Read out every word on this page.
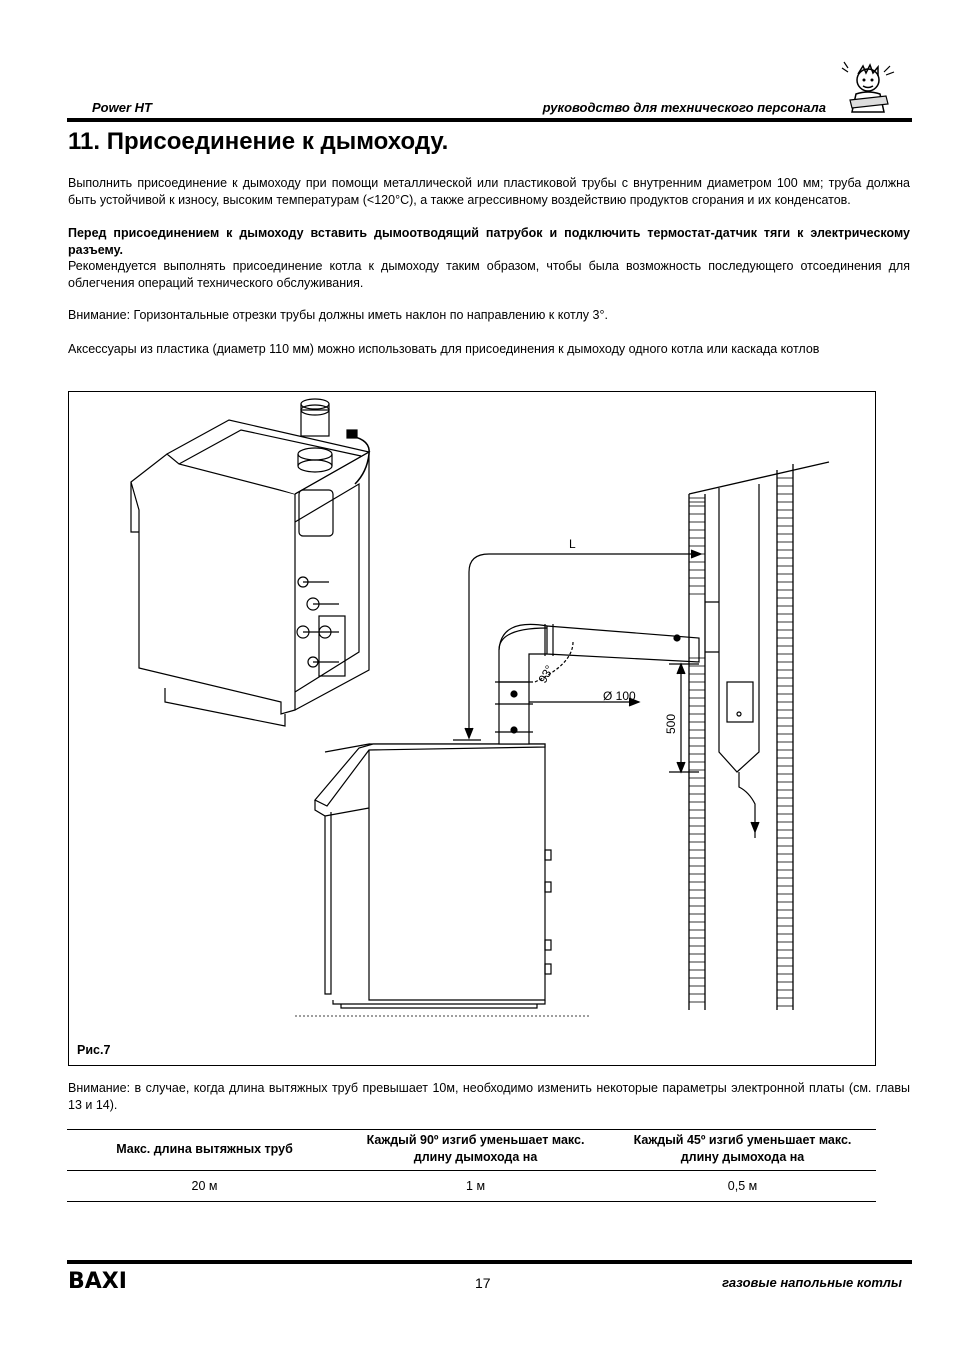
Power HT	руководство для технического персонала
11. Присоединение к дымоходу.

Выполнить присоединение к дымоходу при помощи металлической или пластиковой трубы с внутренним диаметром 100 мм; труба должна быть устойчивой к износу, высоким температурам (<120°C), а также агрессивному воздействию продуктов сгорания и их конденсатов.

Перед присоединением к дымоходу вставить дымоотводящий патрубок и подключить термостат-датчик тяги к электрическому разъему.

Рекомендуется выполнять присоединение котла к дымоходу таким образом, чтобы была возможность последующего отсоединения для облегчения операций технического обслуживания.

Внимание: Горизонтальные отрезки трубы должны иметь наклон по направлению к котлу 3°.

Аксессуары из пластика (диаметр 110 мм) можно использовать для присоединения к дымоходу одного котла или каскада котлов

L
Ø 100
500
93°
Рис.7

Внимание: в случае, когда длина вытяжных труб превышает 10м, необходимо изменить некоторые параметры электронной платы (см. главы 13 и 14).

Макс. длина вытяжных труб	Каждый 90º изгиб уменьшает макс. длину дымохода на	Каждый 45º изгиб уменьшает макс. длину дымохода на
20 м	1 м	0,5 м
BAXI	17	газовые напольные котлы
